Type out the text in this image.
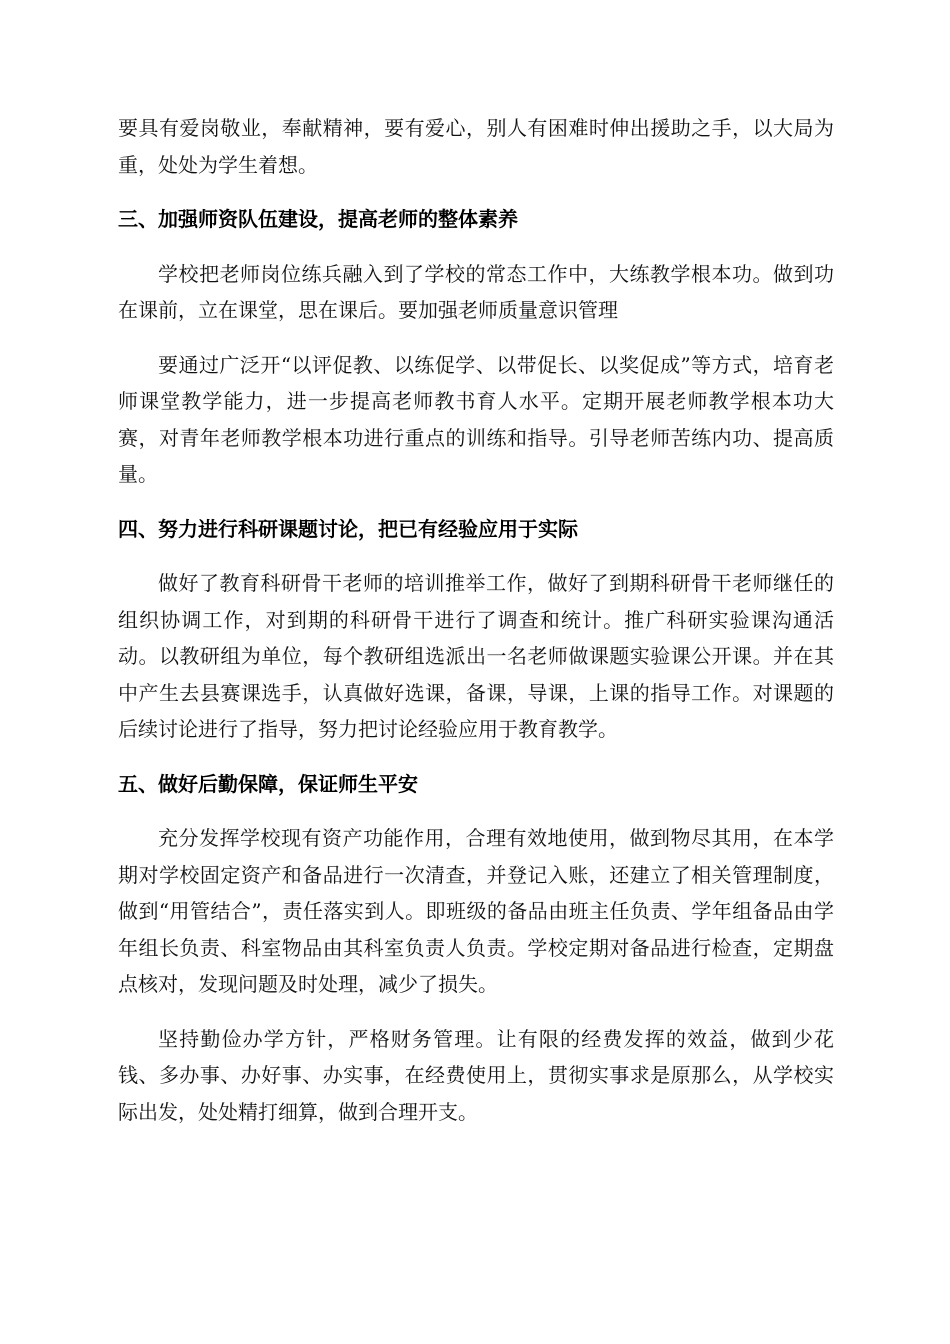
要具有爱岗敬业，奉献精神，要有爱心，别人有困难时伸出援助之手，以大局为重，处处为学生着想。

三、加强师资队伍建设，提高老师的整体素养

学校把老师岗位练兵融入到了学校的常态工作中，大练教学根本功。做到功在课前，立在课堂，思在课后。要加强老师质量意识管理

要通过广泛开“以评促教、以练促学、以带促长、以奖促成”等方式，培育老师课堂教学能力，进一步提高老师教书育人水平。定期开展老师教学根本功大赛，对青年老师教学根本功进行重点的训练和指导。引导老师苦练内功、提高质量。

四、努力进行科研课题讨论，把已有经验应用于实际

做好了教育科研骨干老师的培训推举工作，做好了到期科研骨干老师继任的组织协调工作，对到期的科研骨干进行了调查和统计。推广科研实验课沟通活动。以教研组为单位，每个教研组选派出一名老师做课题实验课公开课。并在其中产生去县赛课选手，认真做好选课，备课，导课，上课的指导工作。对课题的后续讨论进行了指导，努力把讨论经验应用于教育教学。

五、做好后勤保障，保证师生平安

充分发挥学校现有资产功能作用，合理有效地使用，做到物尽其用，在本学期对学校固定资产和备品进行一次清查，并登记入账，还建立了相关管理制度，做到“用管结合”，责任落实到人。即班级的备品由班主任负责、学年组备品由学年组长负责、科室物品由其科室负责人负责。学校定期对备品进行检查，定期盘点核对，发现问题及时处理，减少了损失。

坚持勤俭办学方针，严格财务管理。让有限的经费发挥的效益，做到少花钱、多办事、办好事、办实事，在经费使用上，贯彻实事求是原那么，从学校实际出发，处处精打细算，做到合理开支。
